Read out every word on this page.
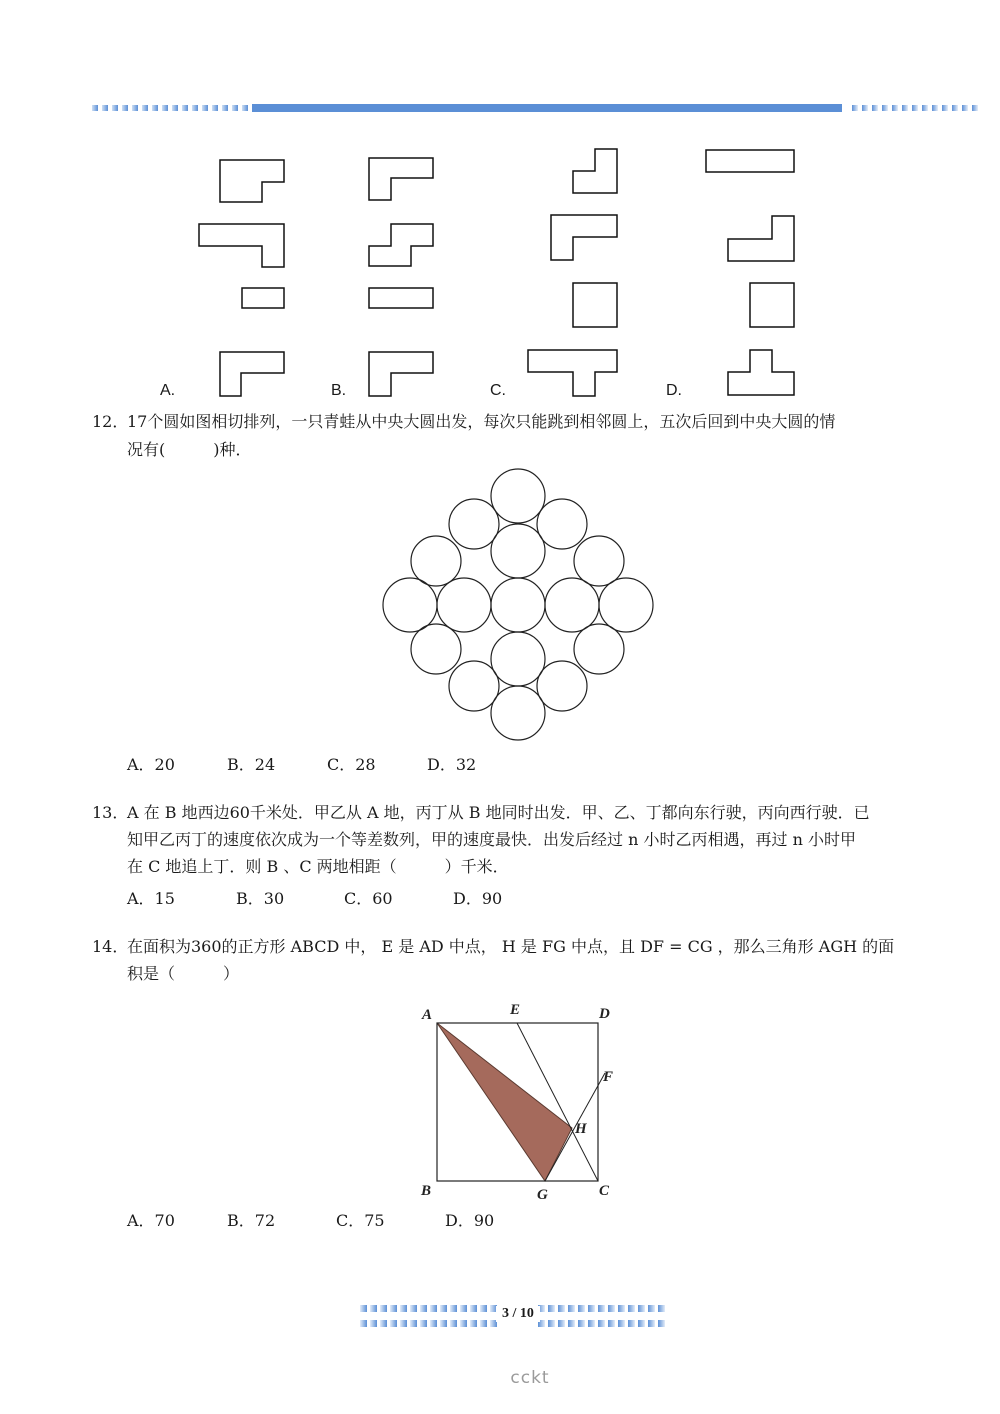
A.	B.	C.	D.
12．
17个圆如图相切排列，一只青蛙从中央大圆出发，每次只能跳到相邻圆上，五次后回到中央大圆的情
况有(　　　)种．
A．20	B．24	C．28	D．32
13．
A 在 B 地西边60千米处．甲乙从 A 地，丙丁从 B 地同时出发．甲、乙、丁都向东行驶，丙向西行驶．已
知甲乙丙丁的速度依次成为一个等差数列，甲的速度最快．出发后经过 n 小时乙丙相遇，再过 n 小时甲
在 C 地追上丁．则 B 、C 两地相距（　　　）千米．
A．15	B．30	C．60	D．90
14．
在面积为360的正方形 ABCD 中， E 是 AD 中点， H 是 FG 中点，且 DF = CG ，那么三角形 AGH 的面
积是（　　　）
A	E	D
F
H
B	G	C
A．70	B．72	C．75	D．90
3 / 10
cckt
